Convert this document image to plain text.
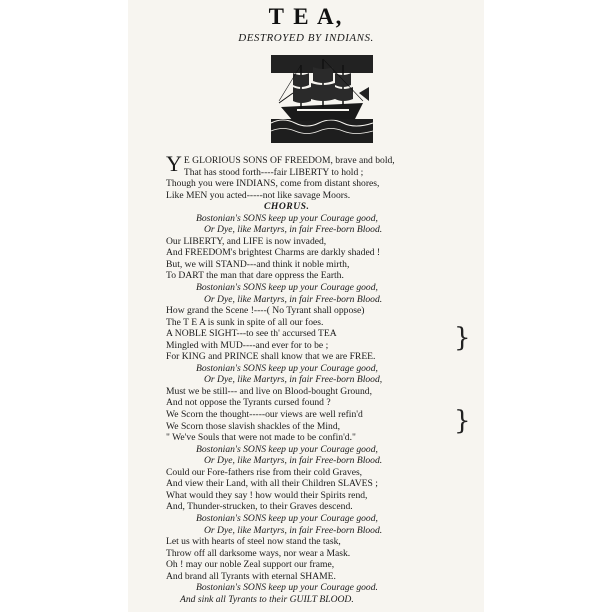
T E A,
DESTROYED BY INDIANS.
Y E GLORIOUS SONS OF FREEDOM, brave and bold,
That has stood forth----fair LIBERTY to hold ;
Though you were INDIANS, come from distant shores,
Like MEN you acted-----not like savage Moors.
CHORUS.
Bostonian's SONS keep up your Courage good,
Or Dye, like Martyrs, in fair Free-born Blood.
Our LIBERTY, and LIFE is now invaded,
And FREEDOM's brightest Charms are darkly shaded !
But, we will STAND---and think it noble mirth,
To DART the man that dare oppress the Earth.
Bostonian's SONS keep up your Courage good,
Or Dye, like Martyrs, in fair Free-born Blood.
How grand the Scene !----( No Tyrant shall oppose)
The T E A is sunk in spite of all our foes.
A NOBLE SIGHT---to see th' accursed TEA
Mingled with MUD----and ever for to be ;
For KING and PRINCE shall know that we are FREE.
Bostonian's SONS keep up your Courage good,
Or Dye, like Martyrs, in fair Free-born Blood,
Must we be still--- and live on Blood-bought Ground,
And not oppose the Tyrants cursed found ?
We Scorn the thought-----our views are well refin'd
We Scorn those slavish shackles of the Mind,
" We've Souls that were not made to be confin'd."
Bostonian's SONS keep up your Courage good,
Or Dye, like Martyrs, in fair Free-born Blood.
Could our Fore-fathers rise from their cold Graves,
And view their Land, with all their Children SLAVES ;
What would they say ! how would their Spirits rend,
And, Thunder-strucken, to their Graves descend.
Bostonian's SONS keep up your Courage good,
Or Dye, like Martyrs, in fair Free-born Blood.
Let us with hearts of steel now stand the task,
Throw off all darksome ways, nor wear a Mask.
Oh ! may our noble Zeal support our frame,
And brand all Tyrants with eternal SHAME.
Bostonian's SONS keep up your Courage good.
And sink all Tyrants to their GUILT BLOOD.
}
}
